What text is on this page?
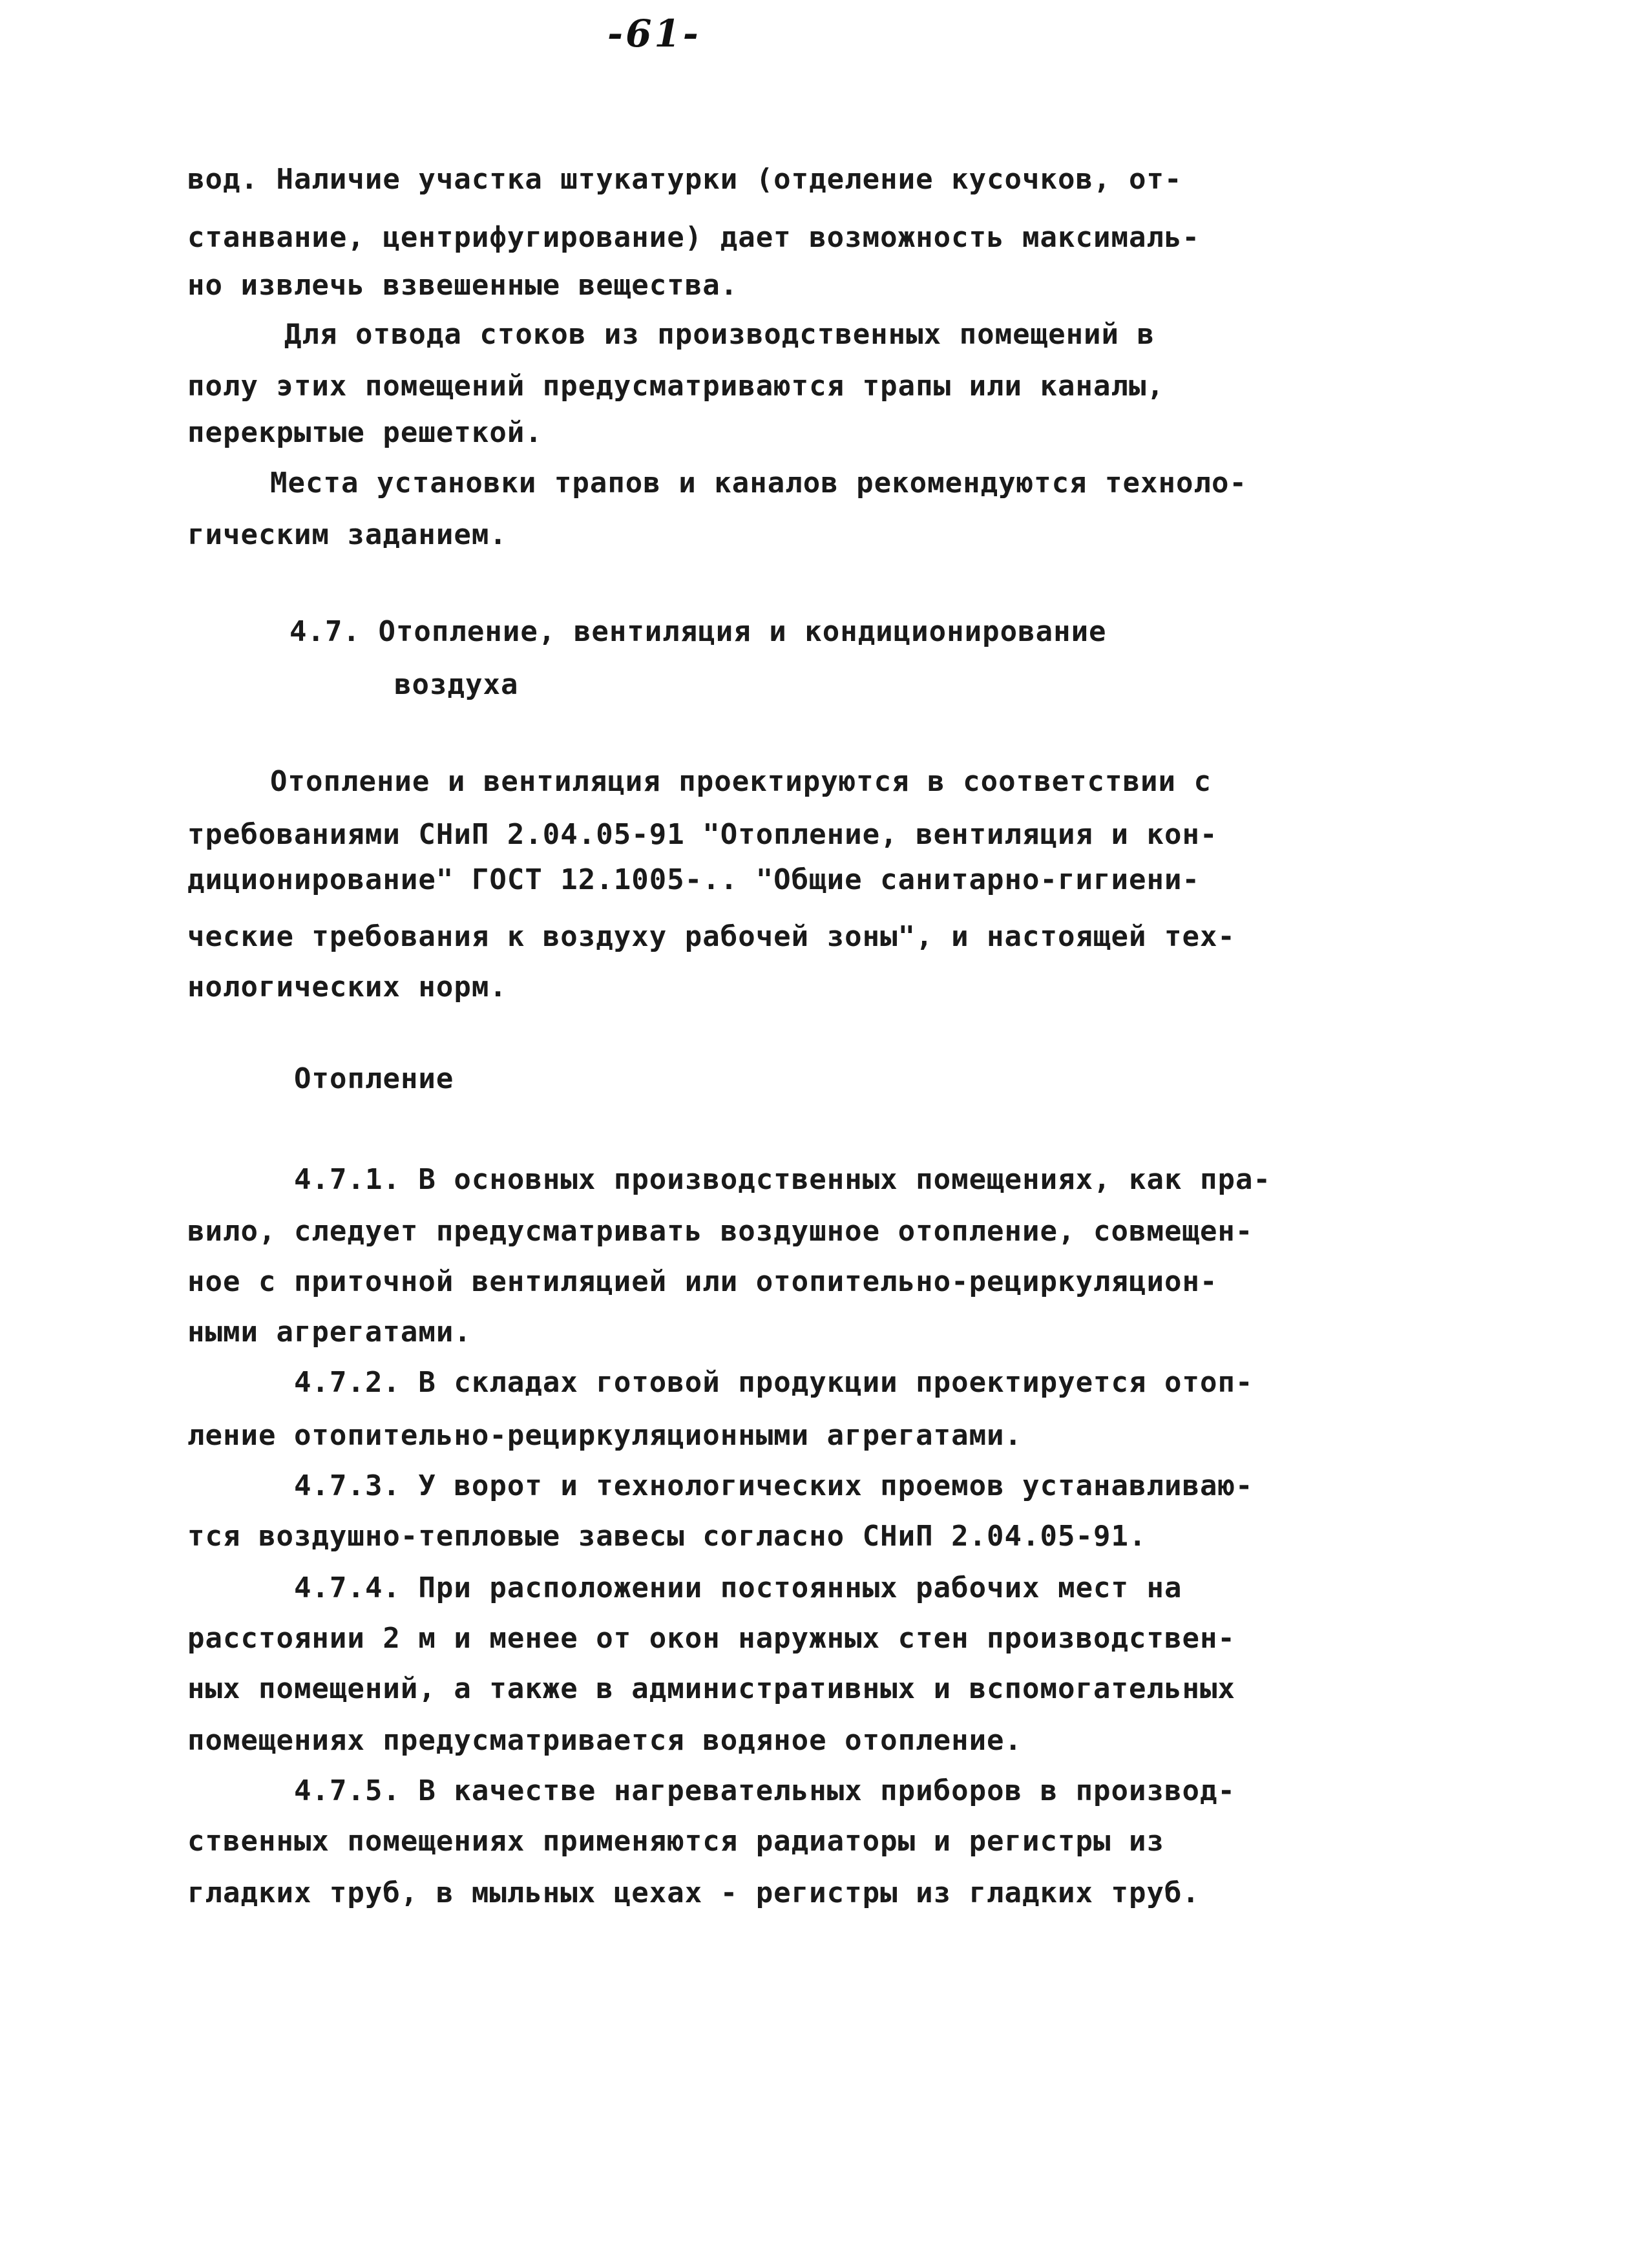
-61-
вод. Наличие участка штукатурки (отделение кусочков, от-
станвание, центрифугирование) дает возможность максималь-
но извлечь взвешенные вещества.
Для отвода стоков из производственных помещений в
полу этих помещений предусматриваются трапы или каналы,
перекрытые решеткой.
Места установки трапов и каналов рекомендуются техноло-
гическим заданием.
4.7. Отопление, вентиляция и кондиционирование
воздуха
Отопление и вентиляция проектируются в соответствии с
требованиями СНиП 2.04.05-91 "Отопление, вентиляция и кон-
диционирование" ГОСТ 12.1005-.. "Общие санитарно-гигиени-
ческие требования к воздуху рабочей зоны", и настоящей тех-
нологических норм.
Отопление
4.7.1. В основных производственных помещениях, как пра-
вило, следует предусматривать воздушное отопление, совмещен-
ное с приточной вентиляцией или отопительно-рециркуляцион-
ными агрегатами.
4.7.2. В складах готовой продукции проектируется отоп-
ление отопительно-рециркуляционными агрегатами.
4.7.3. У ворот и технологических проемов устанавливаю-
тся воздушно-тепловые завесы согласно СНиП 2.04.05-91.
4.7.4. При расположении постоянных рабочих мест на
расстоянии 2 м и менее от окон наружных стен производствен-
ных помещений, а также в административных и вспомогательных
помещениях предусматривается водяное отопление.
4.7.5. В качестве нагревательных приборов в производ-
ственных помещениях применяются радиаторы и регистры из
гладких труб, в мыльных цехах - регистры из гладких труб.
